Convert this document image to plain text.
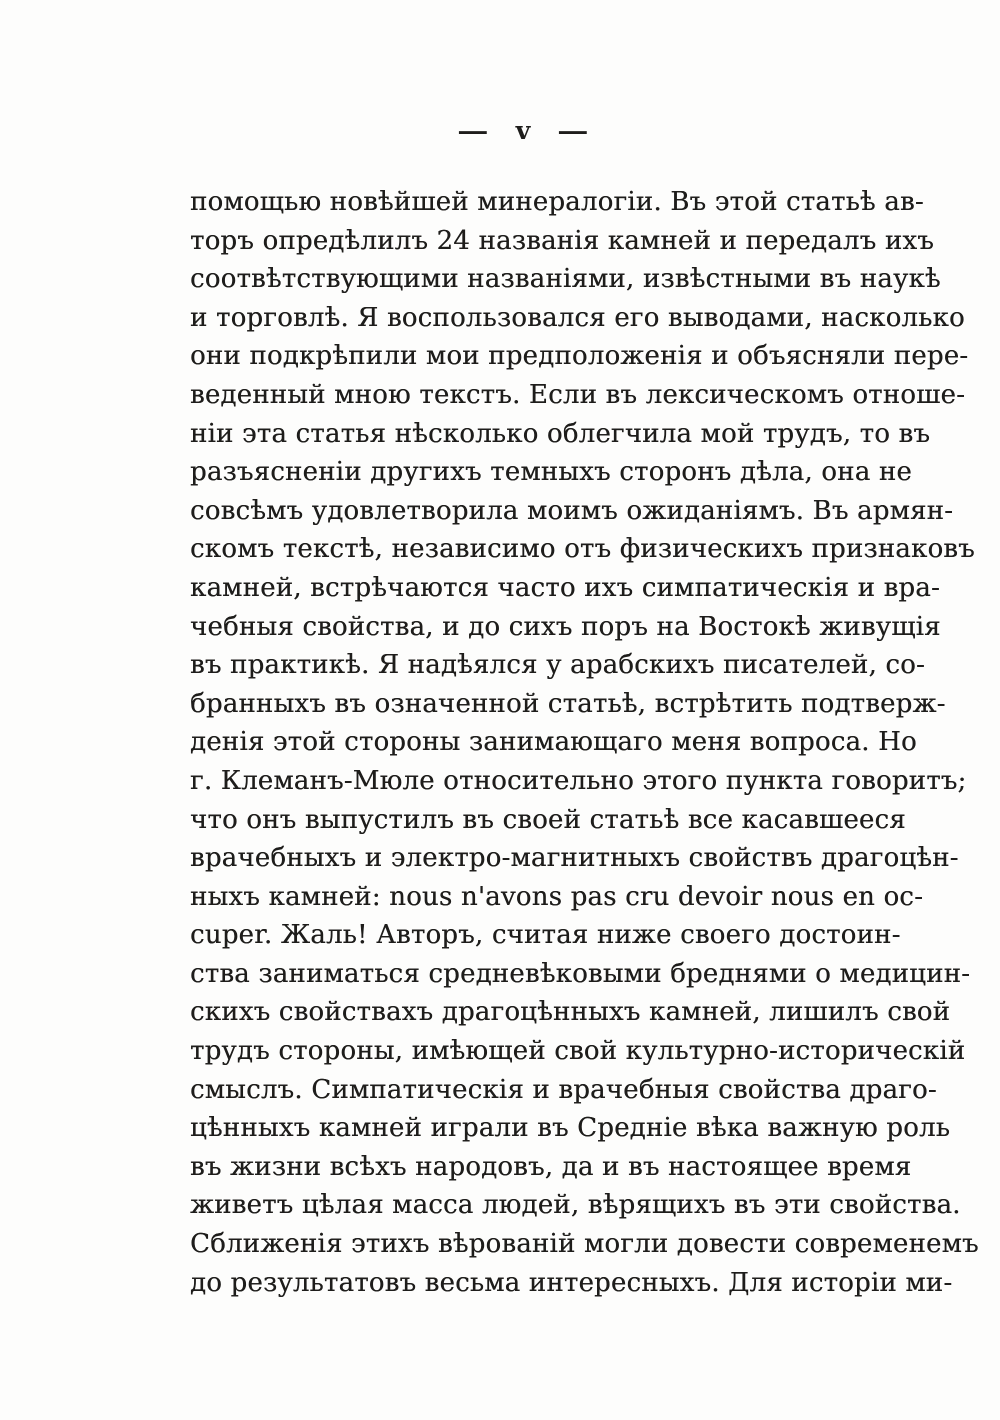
— v —
помощью новѣйшей минералогіи. Въ этой статьѣ ав-
торъ опредѣлилъ 24 названія камней и передалъ ихъ
соотвѣтствующими названіями, извѣстными въ наукѣ
и торговлѣ. Я воспользовался его выводами, насколько
они подкрѣпили мои предположенія и объясняли пере-
веденный мною текстъ. Если въ лексическомъ отноше-
ніи эта статья нѣсколько облегчила мой трудъ, то въ
разъясненіи другихъ темныхъ сторонъ дѣла, она не
совсѣмъ удовлетворила моимъ ожиданіямъ. Въ армян-
скомъ текстѣ, независимо отъ физическихъ признаковъ
камней, встрѣчаются часто ихъ симпатическія и вра-
чебныя свойства, и до сихъ поръ на Востокѣ живущія
въ практикѣ. Я надѣялся у арабскихъ писателей, со-
бранныхъ въ означенной статьѣ, встрѣтить подтверж-
денія этой стороны занимающаго меня вопроса. Но
г. Клеманъ-Мюле относительно этого пункта говоритъ;
что онъ выпустилъ въ своей статьѣ все касавшееся
врачебныхъ и электро-магнитныхъ свойствъ драгоцѣн-
ныхъ камней: nous n'avons pas cru devoir nous en oc-
cuper. Жаль! Авторъ, считая ниже своего достоин-
ства заниматься средневѣковыми бреднями о медицин-
скихъ свойствахъ драгоцѣнныхъ камней, лишилъ свой
трудъ стороны, имѣющей свой культурно-историческій
смыслъ. Симпатическія и врачебныя свойства драго-
цѣнныхъ камней играли въ Средніе вѣка важную роль
въ жизни всѣхъ народовъ, да и въ настоящее время
живетъ цѣлая масса людей, вѣрящихъ въ эти свойства.
Сближенія этихъ вѣрованій могли довести современемъ
до результатовъ весьма интересныхъ. Для исторіи ми-
